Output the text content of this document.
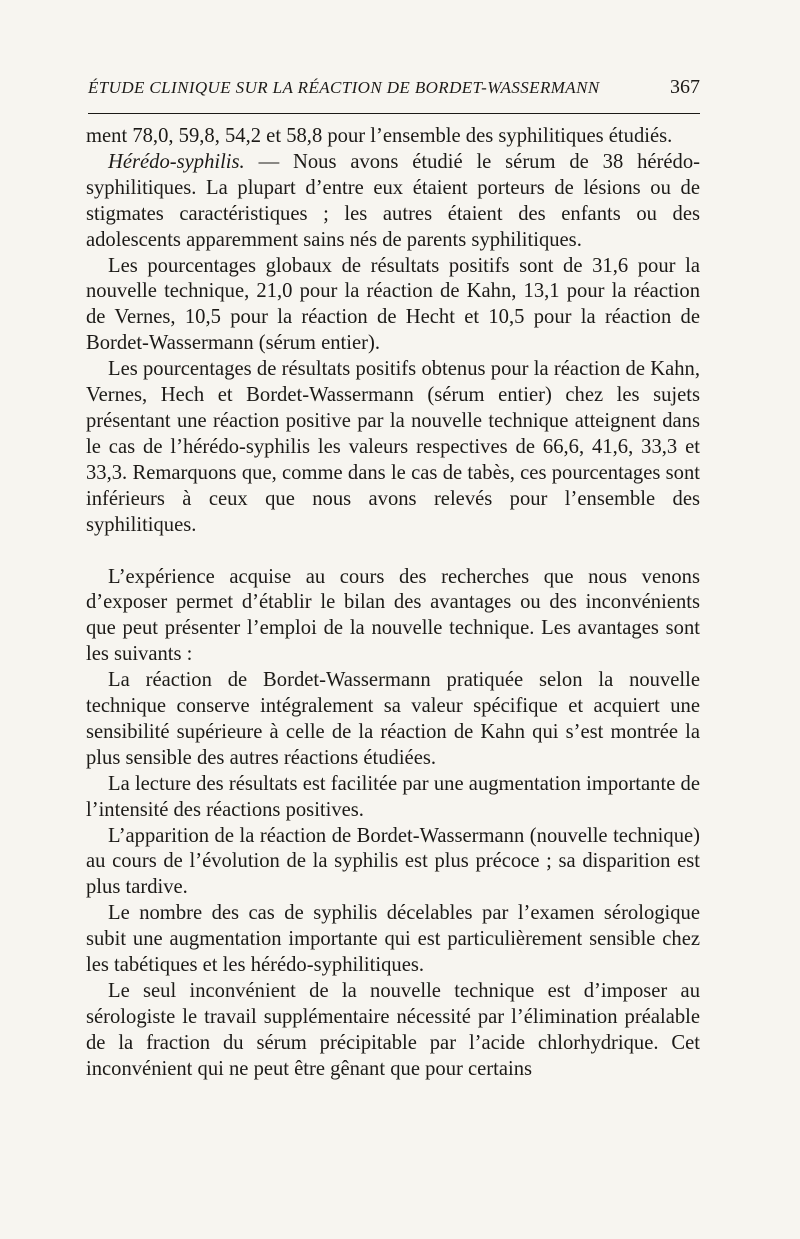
ÉTUDE CLINIQUE SUR LA RÉACTION DE BORDET-WASSERMANN	367

ment 78,0, 59,8, 54,2 et 58,8 pour l’ensemble des syphilitiques étudiés.

Hérédo-syphilis. — Nous avons étudié le sérum de 38 hérédo-syphilitiques. La plupart d’entre eux étaient porteurs de lésions ou de stigmates caractéristiques ; les autres étaient des enfants ou des adolescents apparemment sains nés de parents syphilitiques.

Les pourcentages globaux de résultats positifs sont de 31,6 pour la nouvelle technique, 21,0 pour la réaction de Kahn, 13,1 pour la réaction de Vernes, 10,5 pour la réaction de Hecht et 10,5 pour la réaction de Bordet-Wassermann (sérum entier).

Les pourcentages de résultats positifs obtenus pour la réaction de Kahn, Vernes, Hech et Bordet-Wassermann (sérum entier) chez les sujets présentant une réaction positive par la nouvelle technique atteignent dans le cas de l’hérédo-syphilis les valeurs respectives de 66,6, 41,6, 33,3 et 33,3. Remarquons que, comme dans le cas de tabès, ces pourcentages sont inférieurs à ceux que nous avons relevés pour l’ensemble des syphilitiques.

L’expérience acquise au cours des recherches que nous venons d’exposer permet d’établir le bilan des avantages ou des inconvénients que peut présenter l’emploi de la nouvelle technique. Les avantages sont les suivants :

La réaction de Bordet-Wassermann pratiquée selon la nouvelle technique conserve intégralement sa valeur spécifique et acquiert une sensibilité supérieure à celle de la réaction de Kahn qui s’est montrée la plus sensible des autres réactions étudiées.

La lecture des résultats est facilitée par une augmentation importante de l’intensité des réactions positives.

L’apparition de la réaction de Bordet-Wassermann (nouvelle technique) au cours de l’évolution de la syphilis est plus précoce ; sa disparition est plus tardive.

Le nombre des cas de syphilis décelables par l’examen sérologique subit une augmentation importante qui est particulièrement sensible chez les tabétiques et les hérédo-syphilitiques.

Le seul inconvénient de la nouvelle technique est d’imposer au sérologiste le travail supplémentaire nécessité par l’élimination préalable de la fraction du sérum précipitable par l’acide chlorhydrique. Cet inconvénient qui ne peut être gênant que pour certains
